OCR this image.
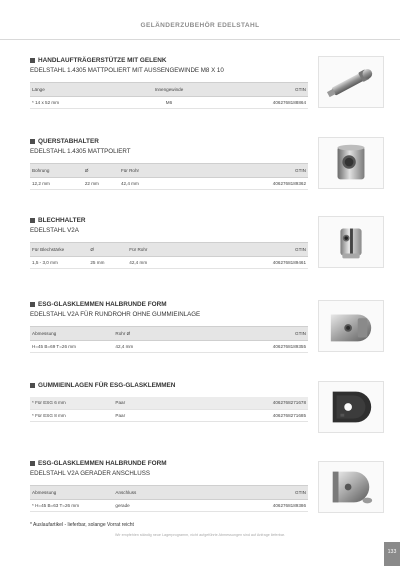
GELÄNDERZUBEHÖR EDELSTAHL
HANDLAUFTRÄGERSTÜTZE MIT GELENK
EDELSTAHL 1.4305 MATTPOLIERT MIT AUSSENGEWINDE M8 X 10
Länge	Innengewinde	GTIN
* 14 x 52 mm	M6	4062768188864
QUERSTABHALTER
EDELSTAHL 1.4305 MATTPOLIERT
Bohrung	Ø	Für Rohr	GTIN
12,2 mm	22 mm	42,4 mm	4062768189362
BLECHHALTER
EDELSTAHL V2A
Für Blechstärke	Ø	Für Rohr	GTIN
1,5 - 3,0 mm	25 mm	42,4 mm	4062768189461
ESG-GLASKLEMMEN HALBRUNDE FORM
EDELSTAHL V2A FÜR RUNDROHR OHNE GUMMIEINLAGE
Abmessung	Rohr Ø	GTIN
H=45 B=69 T=26 mm	42,4 mm	4062768189355
GUMMIEINLAGEN FÜR ESG-GLASKLEMMEN
* Für ESG 6 mm	Paar	4062768271678
* Für ESG 8 mm	Paar	4062768271685
ESG-GLASKLEMMEN HALBRUNDE FORM
EDELSTAHL V2A GERADER ANSCHLUSS
Abmessung	Anschluss	GTIN
* H=45 B=63 T=26 mm	gerade	4062768189386
* Auslaufartikel - lieferbar, solange Vorrat reicht
Wir empfehlen ständig neue Lagerprogramm, nicht aufgeführte Abmessungen sind auf Anfrage lieferbar.
133
